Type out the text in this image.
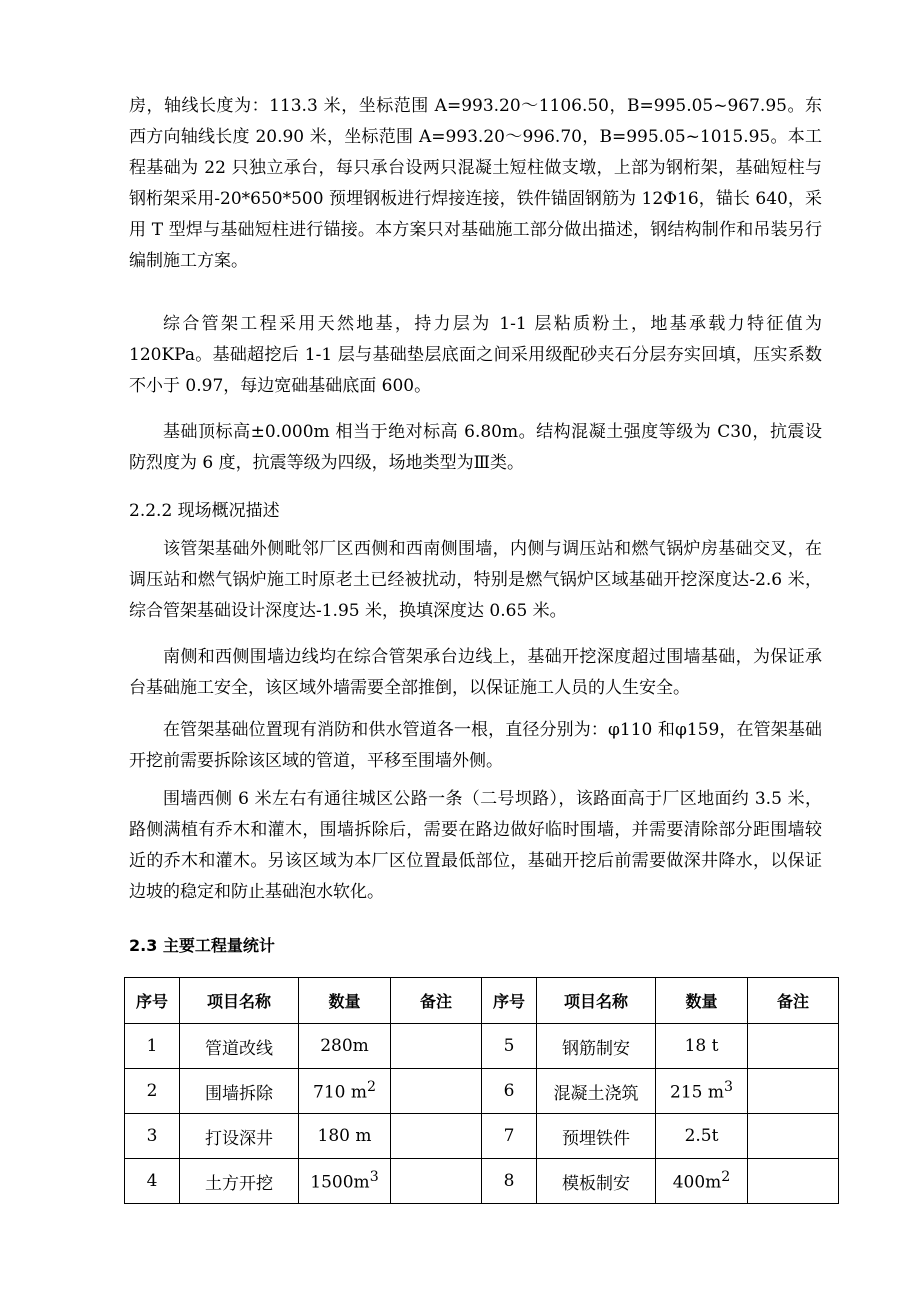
房，轴线长度为：113.3 米，坐标范围 A=993.20～1106.50，B=995.05~967.95。东西方向轴线长度 20.90 米，坐标范围 A=993.20～996.70，B=995.05~1015.95。本工程基础为 22 只独立承台，每只承台设两只混凝土短柱做支墩，上部为钢桁架，基础短柱与钢桁架采用-20*650*500 预埋钢板进行焊接连接，铁件锚固钢筋为 12Φ16，锚长 640，采用 T 型焊与基础短柱进行锚接。本方案只对基础施工部分做出描述，钢结构制作和吊装另行编制施工方案。

综合管架工程采用天然地基，持力层为 1-1 层粘质粉土，地基承载力特征值为 120KPa。基础超挖后 1-1 层与基础垫层底面之间采用级配砂夹石分层夯实回填，压实系数不小于 0.97，每边宽础基础底面 600。

基础顶标高±0.000m 相当于绝对标高 6.80m。结构混凝土强度等级为 C30，抗震设防烈度为 6 度，抗震等级为四级，场地类型为Ⅲ类。

2.2.2 现场概况描述

该管架基础外侧毗邻厂区西侧和西南侧围墙，内侧与调压站和燃气锅炉房基础交叉，在调压站和燃气锅炉施工时原老土已经被扰动，特别是燃气锅炉区域基础开挖深度达-2.6 米，综合管架基础设计深度达-1.95 米，换填深度达 0.65 米。

南侧和西侧围墙边线均在综合管架承台边线上，基础开挖深度超过围墙基础，为保证承台基础施工安全，该区域外墙需要全部推倒，以保证施工人员的人生安全。

在管架基础位置现有消防和供水管道各一根，直径分别为：φ110 和φ159，在管架基础开挖前需要拆除该区域的管道，平移至围墙外侧。

围墙西侧 6 米左右有通往城区公路一条（二号坝路），该路面高于厂区地面约 3.5 米，路侧满植有乔木和灌木，围墙拆除后，需要在路边做好临时围墙，并需要清除部分距围墙较近的乔木和灌木。另该区域为本厂区位置最低部位，基础开挖后前需要做深井降水，以保证边坡的稳定和防止基础泡水软化。

2.3 主要工程量统计

序号	项目名称	数量	备注	序号	项目名称	数量	备注
1	管道改线	280m		5	钢筋制安	18 t	
2	围墙拆除	710 $m^2$		6	混凝土浇筑	215 $m^3$	
3	打设深井	180 m		7	预埋铁件	2.5t	
4	土方开挖	$1500m^3$		8	模板制安	$400m^2$	
